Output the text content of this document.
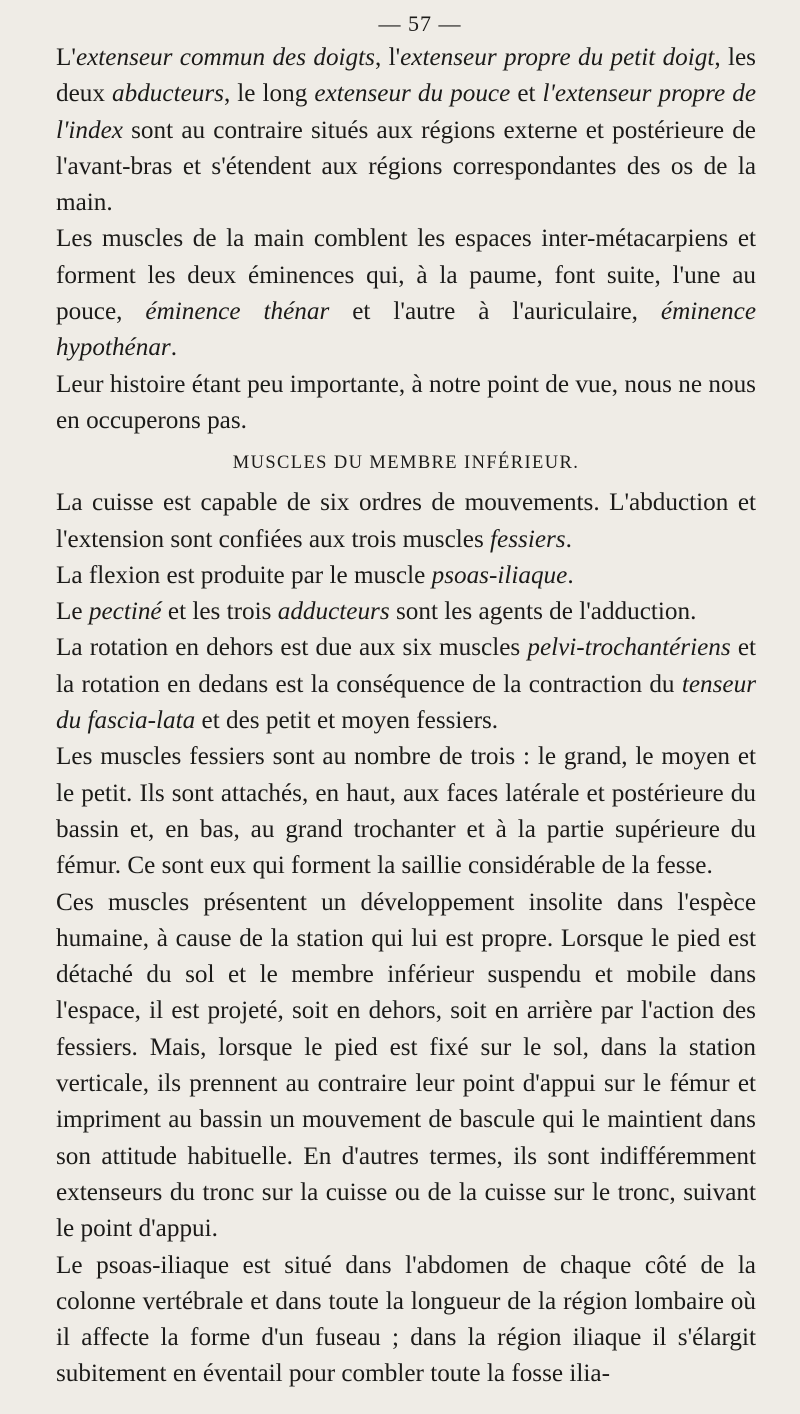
— 57 —

L'extenseur commun des doigts, l'extenseur propre du petit doigt, les deux abducteurs, le long extenseur du pouce et l'extenseur propre de l'index sont au contraire situés aux régions externe et postérieure de l'avant-bras et s'étendent aux régions correspondantes des os de la main.

Les muscles de la main comblent les espaces inter-métacarpiens et forment les deux éminences qui, à la paume, font suite, l'une au pouce, éminence thénar et l'autre à l'auriculaire, éminence hypothénar.

Leur histoire étant peu importante, à notre point de vue, nous ne nous en occuperons pas.

MUSCLES DU MEMBRE INFÉRIEUR.

La cuisse est capable de six ordres de mouvements. L'abduction et l'extension sont confiées aux trois muscles fessiers.

La flexion est produite par le muscle psoas-iliaque.

Le pectiné et les trois adducteurs sont les agents de l'adduction.

La rotation en dehors est due aux six muscles pelvi-trochantériens et la rotation en dedans est la conséquence de la contraction du tenseur du fascia-lata et des petit et moyen fessiers.

Les muscles fessiers sont au nombre de trois : le grand, le moyen et le petit. Ils sont attachés, en haut, aux faces latérale et postérieure du bassin et, en bas, au grand trochanter et à la partie supérieure du fémur. Ce sont eux qui forment la saillie considérable de la fesse.

Ces muscles présentent un développement insolite dans l'espèce humaine, à cause de la station qui lui est propre. Lorsque le pied est détaché du sol et le membre inférieur suspendu et mobile dans l'espace, il est projeté, soit en dehors, soit en arrière par l'action des fessiers. Mais, lorsque le pied est fixé sur le sol, dans la station verticale, ils prennent au contraire leur point d'appui sur le fémur et impriment au bassin un mouvement de bascule qui le maintient dans son attitude habituelle. En d'autres termes, ils sont indifféremment extenseurs du tronc sur la cuisse ou de la cuisse sur le tronc, suivant le point d'appui.

Le psoas-iliaque est situé dans l'abdomen de chaque côté de la colonne vertébrale et dans toute la longueur de la région lombaire où il affecte la forme d'un fuseau ; dans la région iliaque il s'élargit subitement en éventail pour combler toute la fosse ilia-
